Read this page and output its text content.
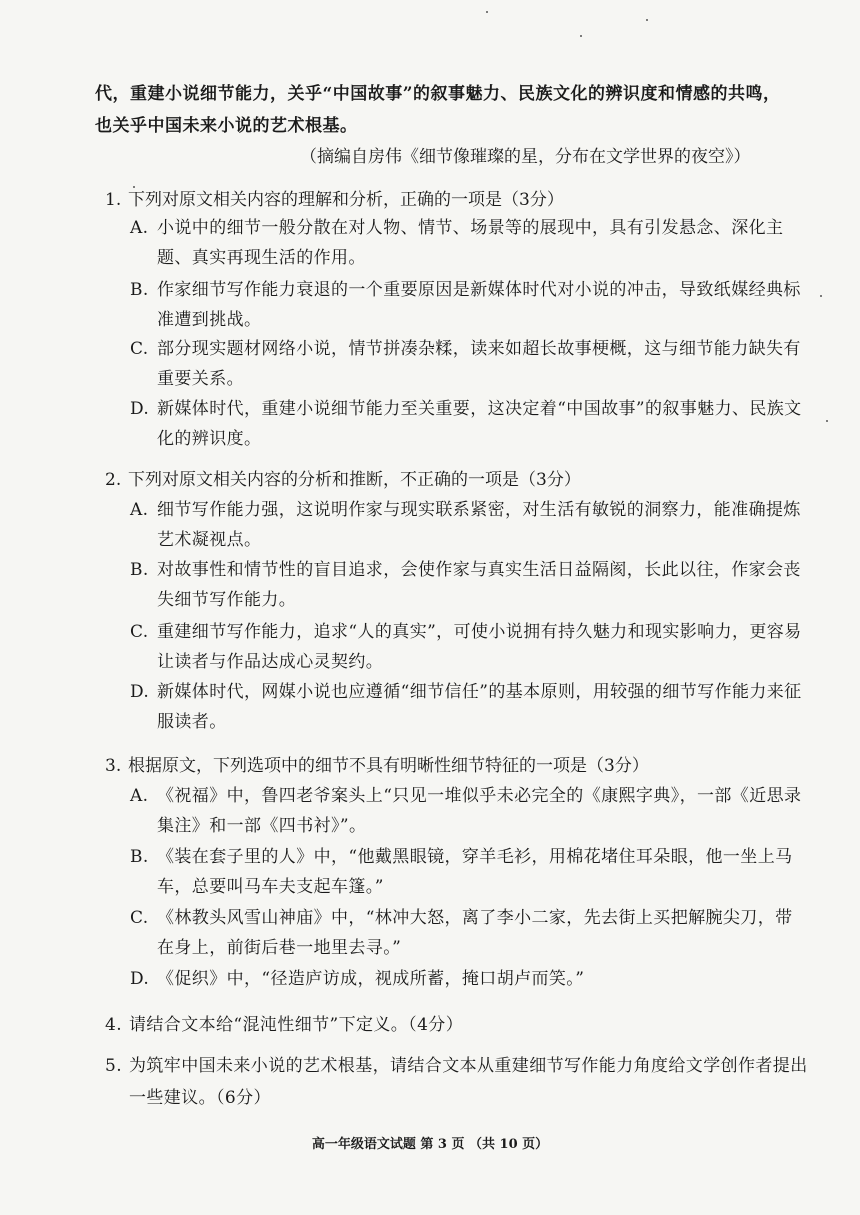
代，重建小说细节能力，关乎“中国故事”的叙事魅力、民族文化的辨识度和情感的共鸣，也关乎中国未来小说的艺术根基。

（摘编自房伟《细节像璀璨的星，分布在文学世界的夜空》）

1. 下列对原文相关内容的理解和分析，正确的一项是（3分）

A. 小说中的细节一般分散在对人物、情节、场景等的展现中，具有引发悬念、深化主题、真实再现生活的作用。

B. 作家细节写作能力衰退的一个重要原因是新媒体时代对小说的冲击，导致纸媒经典标准遭到挑战。

C. 部分现实题材网络小说，情节拼凑杂糅，读来如超长故事梗概，这与细节能力缺失有重要关系。

D. 新媒体时代，重建小说细节能力至关重要，这决定着“中国故事”的叙事魅力、民族文化的辨识度。

2. 下列对原文相关内容的分析和推断，不正确的一项是（3分）

A. 细节写作能力强，这说明作家与现实联系紧密，对生活有敏锐的洞察力，能准确提炼艺术凝视点。

B. 对故事性和情节性的盲目追求，会使作家与真实生活日益隔阂，长此以往，作家会丧失细节写作能力。

C. 重建细节写作能力，追求“人的真实”，可使小说拥有持久魅力和现实影响力，更容易让读者与作品达成心灵契约。

D. 新媒体时代，网媒小说也应遵循“细节信任”的基本原则，用较强的细节写作能力来征服读者。

3. 根据原文，下列选项中的细节不具有明晰性细节特征的一项是（3分）

A. 《祝福》中，鲁四老爷案头上“只见一堆似乎未必完全的《康熙字典》，一部《近思录集注》和一部《四书衬》”。

B. 《装在套子里的人》中，“他戴黑眼镜，穿羊毛衫，用棉花堵住耳朵眼，他一坐上马车，总要叫马车夫支起车篷。”

C. 《林教头风雪山神庙》中，“林冲大怒，离了李小二家，先去街上买把解腕尖刀，带在身上，前街后巷一地里去寻。”

D. 《促织》中，“径造庐访成，视成所蓄，掩口胡卢而笑。”

4. 请结合文本给“混沌性细节”下定义。（4分）

5. 为筑牢中国未来小说的艺术根基，请结合文本从重建细节写作能力角度给文学创作者提出一些建议。（6分）

高一年级语文试题 第 3 页 （共 10 页）
